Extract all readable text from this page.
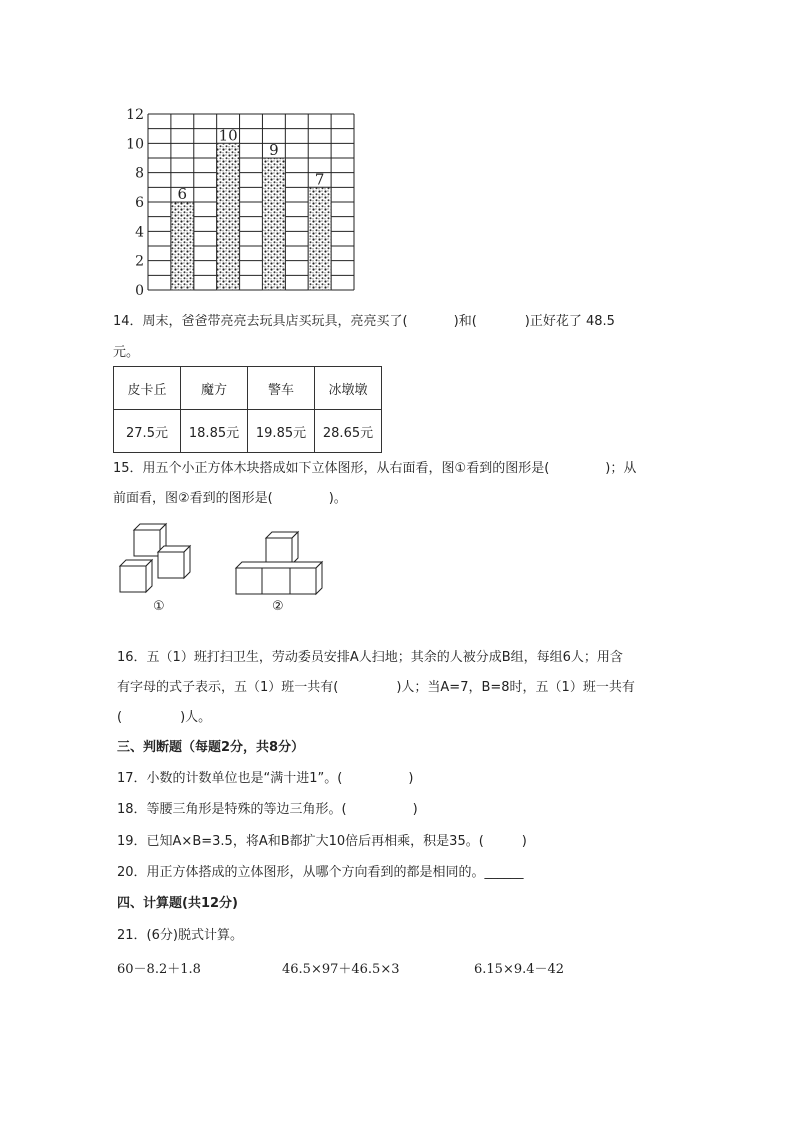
0
2
4
6
8
10
12
6
10
9
7
14．周末，爸爸带亮亮去玩具店买玩具，亮亮买了(	)和(	)正好花了 48.5
元。
皮卡丘	魔方	警车	冰墩墩
27.5元	18.85元	19.85元	28.65元
15．用五个小正方体木块搭成如下立体图形，从右面看，图①看到的图形是(	)；从
前面看，图②看到的图形是(	)。
①	②
16．五（1）班打扫卫生，劳动委员安排A人扫地；其余的人被分成B组，每组6人；用含
有字母的式子表示，五（1）班一共有(	)人；当A=7，B=8时，五（1）班一共有
(	)人。
三、判断题（每题2分，共8分）
17．小数的计数单位也是“满十进1”。(	)
18．等腰三角形是特殊的等边三角形。(	)
19．已知A×B=3.5，将A和B都扩大10倍后再相乘，积是35。(	)
20．用正方体搭成的立体图形，从哪个方向看到的都是相同的。______
四、计算题(共12分)
21．(6分)脱式计算。
60－8.2＋1.8	46.5×97＋46.5×3	6.15×9.4－42
